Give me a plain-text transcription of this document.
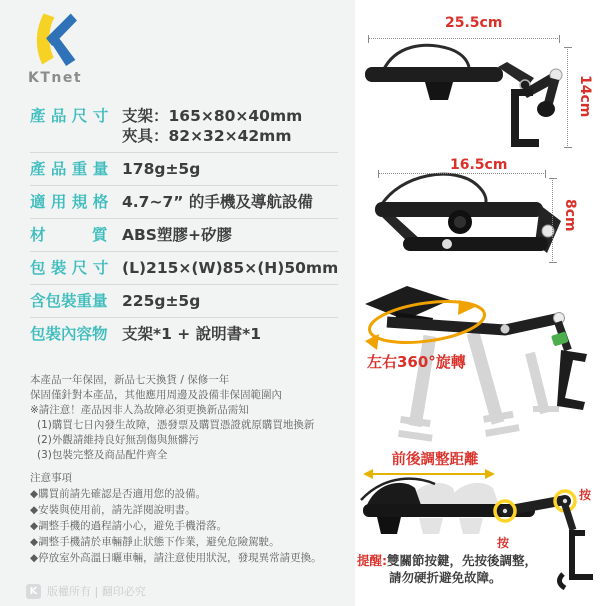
KTnet
產 品 尺 寸 支架：165×80×40mm
夾具：82×32×42mm
產 品 重 量 178g±5g
適 用 規 格 4.7~7” 的手機及導航設備
材　　　質 ABS塑膠+矽膠
包 裝 尺 寸 (L)215×(W)85×(H)50mm
含包裝重量 225g±5g
包裝內容物 支架*1 + 說明書*1
本產品一年保固，新品七天換貨 / 保修一年
保固僅針對本產品，其他應用周邊及設備非保固範圍內
※請注意！產品因非人為故障必須更換新品需知
(1)購買七日內發生故障，憑發票及購買憑證就原購買地換新
(2)外觀請維持良好無刮傷與無髒污
(3)包裝完整及商品配件齊全
注意事項
◆購買前請先確認是否適用您的設備。
◆安裝與使用前，請先詳閱說明書。
◆調整手機的過程請小心，避免手機滑落。
◆調整手機請於車輛靜止狀態下作業，避免危險駕駛。
◆停放室外高溫日曬車輛，請注意使用狀況，發現異常請更換。
K 版權所有 | 翻印必究
25.5cm
14cm
16.5cm
8cm
左右360°旋轉
前後調整距離
按
按
提醒:雙關節按鍵，先按後調整，
請勿硬折避免故障。
